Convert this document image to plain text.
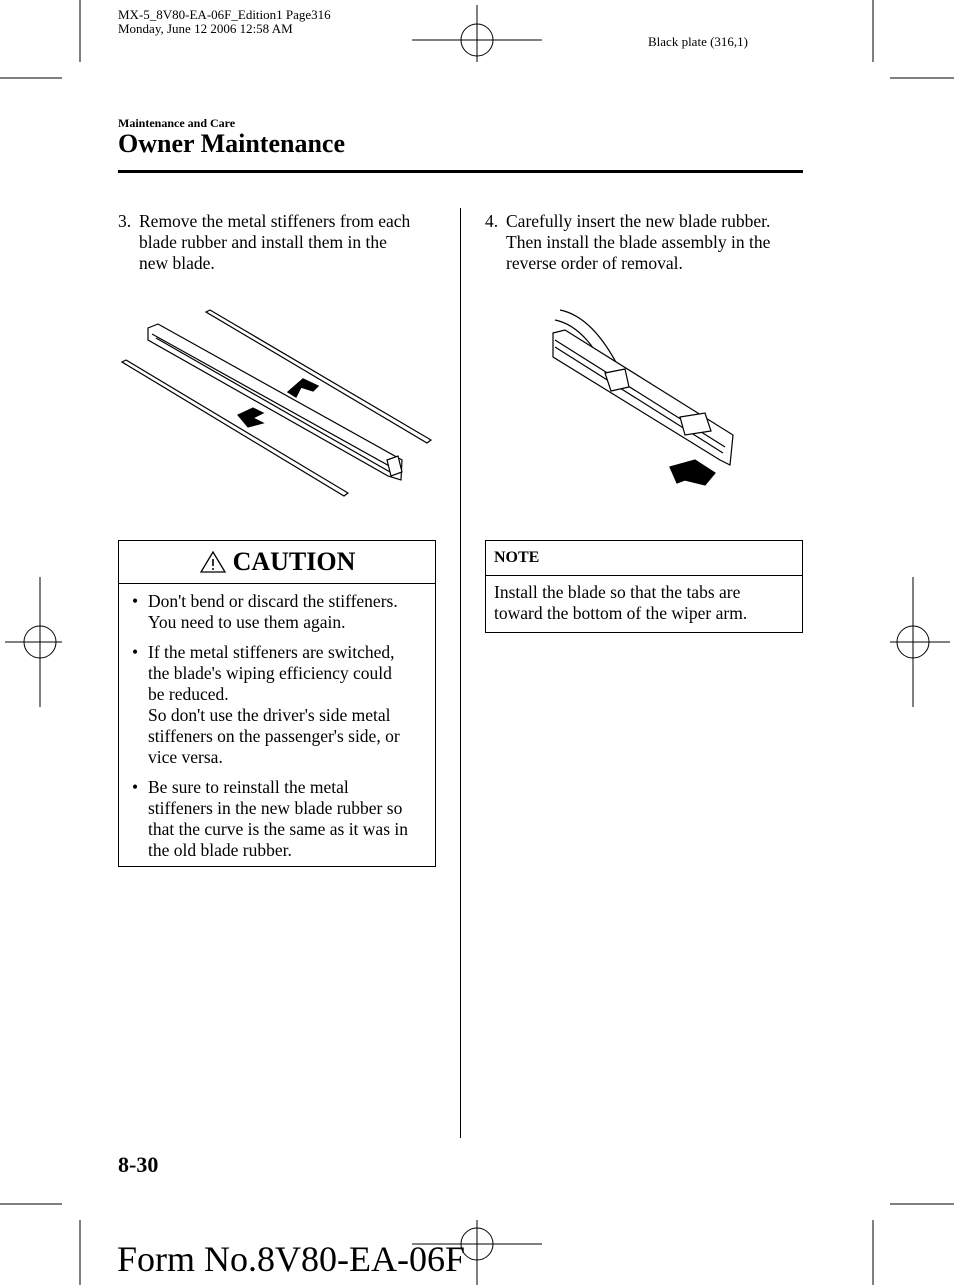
MX-5_8V80-EA-06F_Edition1 Page316
Monday, June 12 2006 12:58 AM
Black plate (316,1)
Maintenance and Care
Owner Maintenance
3. Remove the metal stiffeners from each
blade rubber and install them in the
new blade.
CAUTION
• Don't bend or discard the stiffeners.
You need to use them again.
• If the metal stiffeners are switched,
the blade's wiping efficiency could
be reduced.
So don't use the driver's side metal
stiffeners on the passenger's side, or
vice versa.
• Be sure to reinstall the metal
stiffeners in the new blade rubber so
that the curve is the same as it was in
the old blade rubber.
4. Carefully insert the new blade rubber.
Then install the blade assembly in the
reverse order of removal.
NOTE
Install the blade so that the tabs are
toward the bottom of the wiper arm.
8-30
Form No.8V80-EA-06F
